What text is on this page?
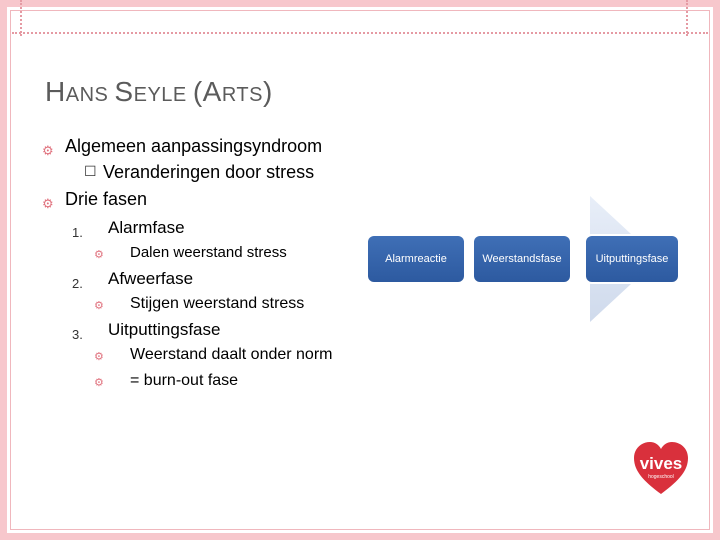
HANS SEYLE (ARTS)
⚙ Algemeen aanpassingsyndroom
☐ Veranderingen door stress
⚙ Drie fasen
1. Alarmfase
⚙ Dalen weerstand stress
2. Afweerfase
⚙ Stijgen weerstand stress
3. Uitputtingsfase
⚙ Weerstand daalt onder norm
⚙ = burn-out fase
Alarmreactie	Weerstandsfase	Uitputtingsfase
vives
hogeschool
